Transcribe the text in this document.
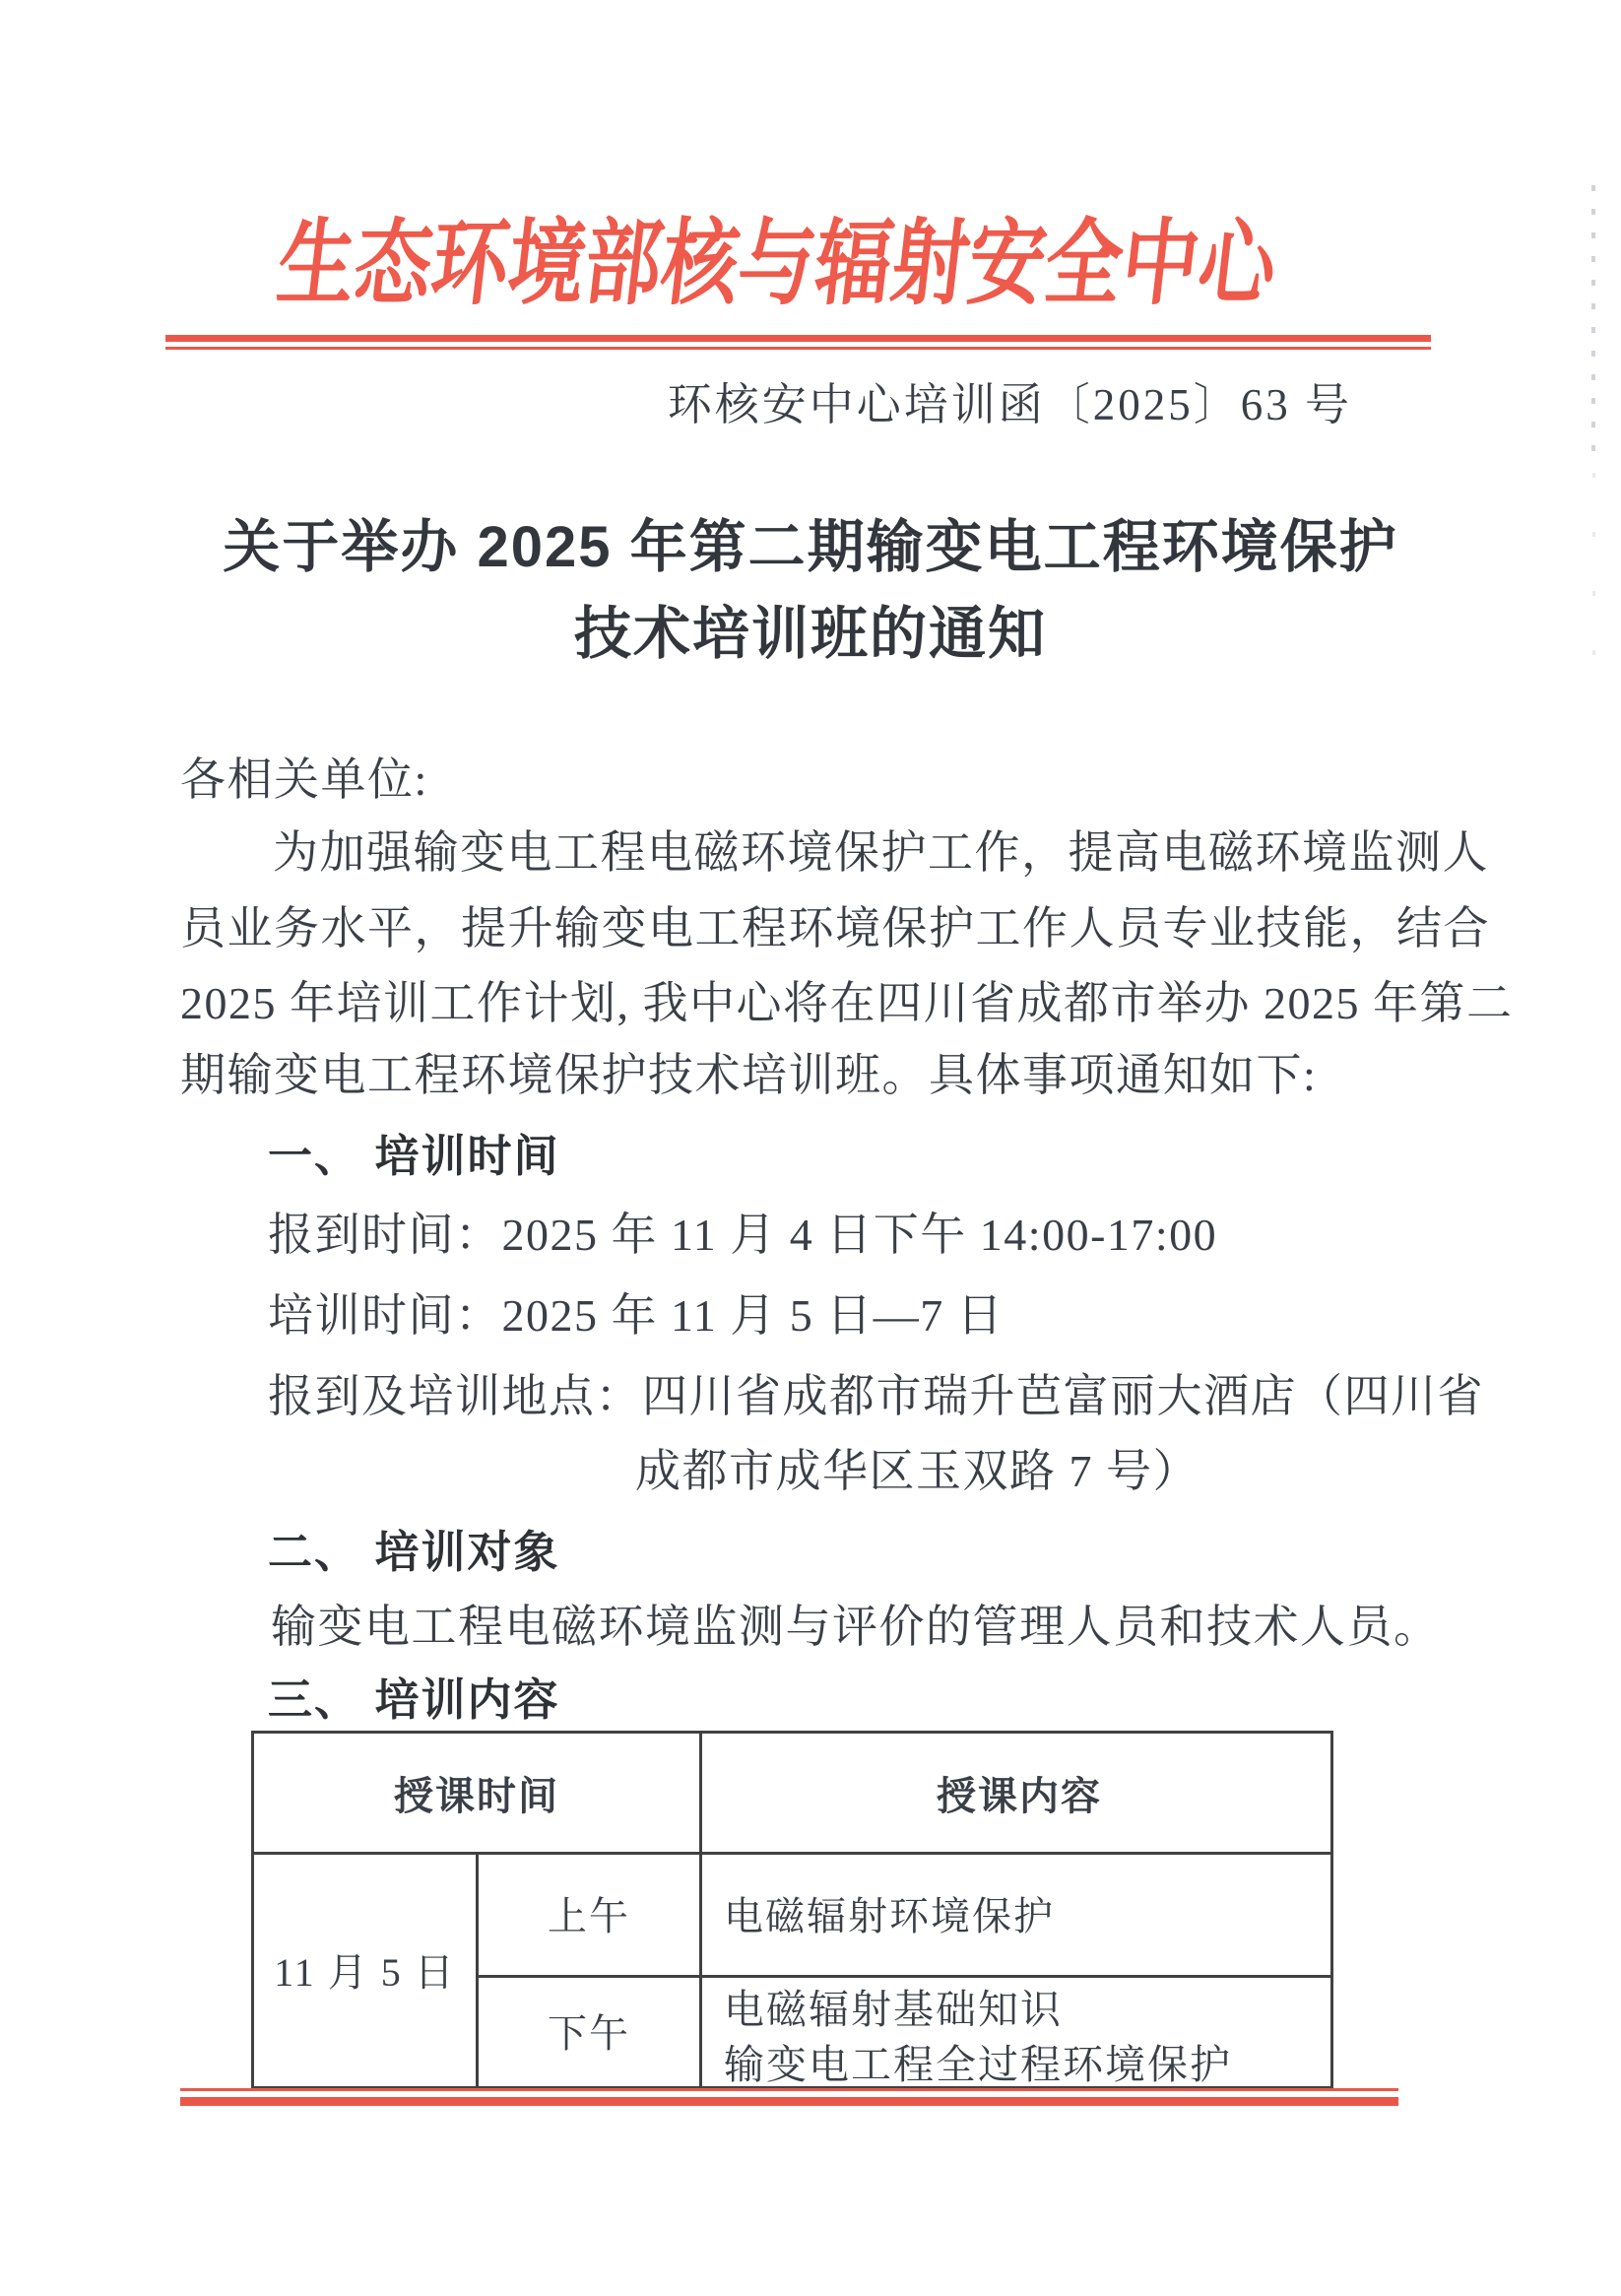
生态环境部核与辐射安全中心
环核安中心培训函〔2025〕63 号
关于举办 2025 年第二期输变电工程环境保护
技术培训班的通知
各相关单位:
为加强输变电工程电磁环境保护工作，提高电磁环境监测人
员业务水平，提升输变电工程环境保护工作人员专业技能，结合
2025 年培训工作计划, 我中心将在四川省成都市举办 2025 年第二
期输变电工程环境保护技术培训班。具体事项通知如下:
一、 培训时间
报到时间：2025 年 11 月 4 日下午 14:00-17:00
培训时间：2025 年 11 月 5 日—7 日
报到及培训地点：四川省成都市瑞升芭富丽大酒店（四川省
成都市成华区玉双路 7 号）
二、 培训对象
输变电工程电磁环境监测与评价的管理人员和技术人员。
三、 培训内容
授课时间	授课内容
11 月 5 日
上午	电磁辐射环境保护
下午
电磁辐射基础知识
输变电工程全过程环境保护
